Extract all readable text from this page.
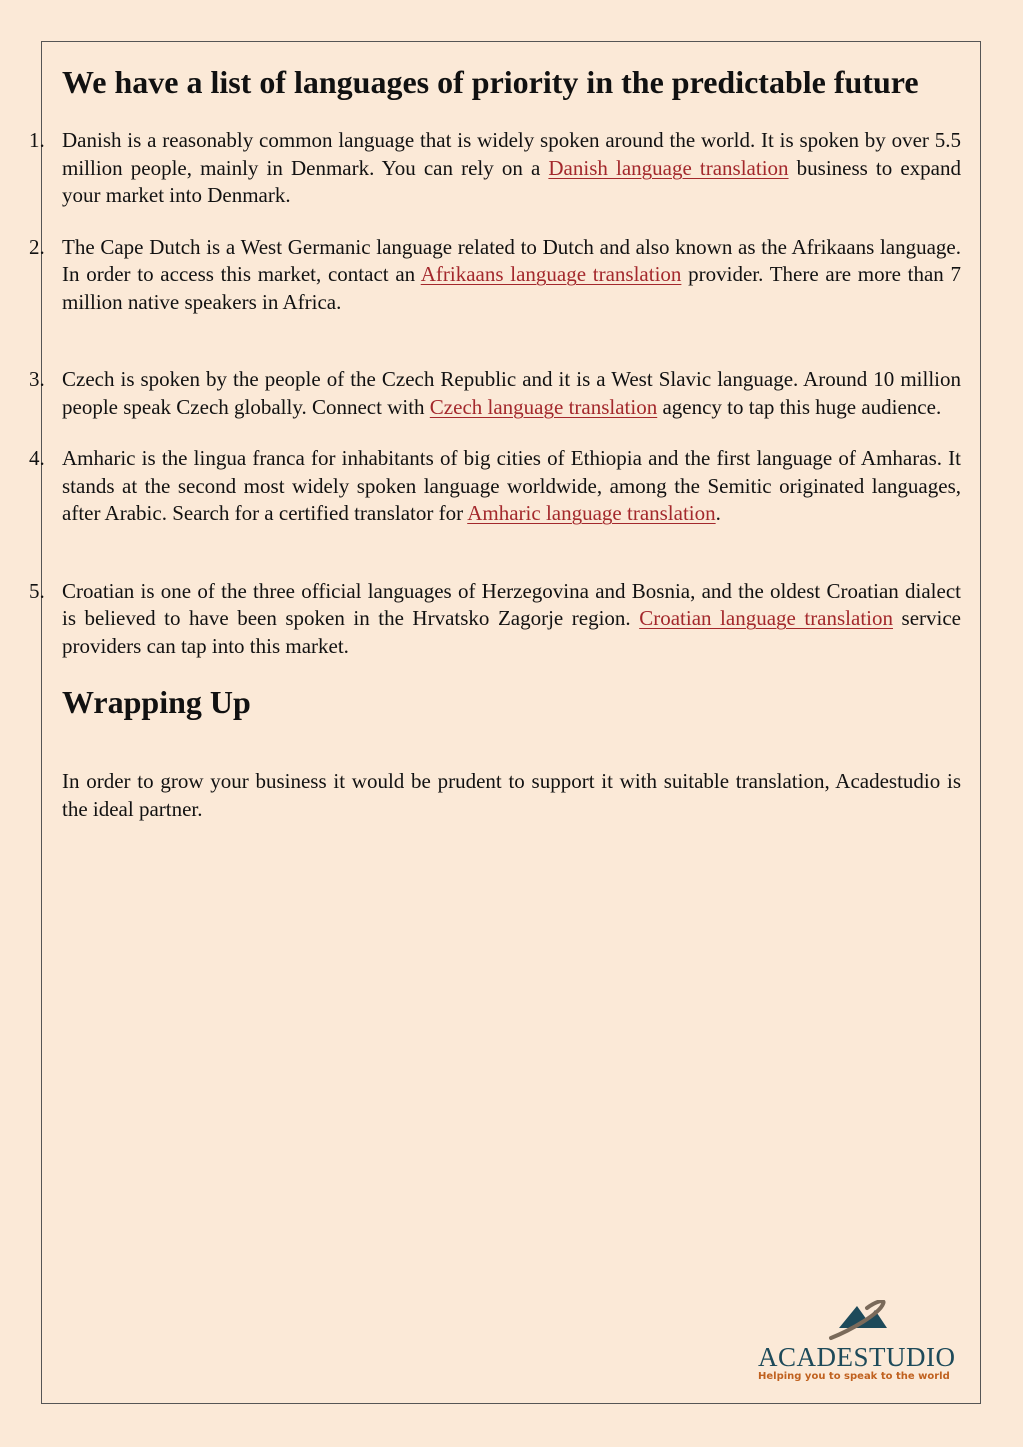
We have a list of languages of priority in the predictable future
1. Danish is a reasonably common language that is widely spoken around the world. It is spoken by over 5.5 million people, mainly in Denmark. You can rely on a Danish language translation business to expand your market into Denmark.
2. The Cape Dutch is a West Germanic language related to Dutch and also known as the Afrikaans language. In order to access this market, contact an Afrikaans language translation provider. There are more than 7 million native speakers in Africa.
3. Czech is spoken by the people of the Czech Republic and it is a West Slavic language. Around 10 million people speak Czech globally. Connect with Czech language translation agency to tap this huge audience.
4. Amharic is the lingua franca for inhabitants of big cities of Ethiopia and the first language of Amharas. It stands at the second most widely spoken language worldwide, among the Semitic originated languages, after Arabic. Search for a certified translator for Amharic language translation.
5. Croatian is one of the three official languages of Herzegovina and Bosnia, and the oldest Croatian dialect is believed to have been spoken in the Hrvatsko Zagorje region. Croatian language translation service providers can tap into this market.
Wrapping Up
In order to grow your business it would be prudent to support it with suitable translation, Acadestudio is the ideal partner.
ACADESTUDIO
Helping you to speak to the world
